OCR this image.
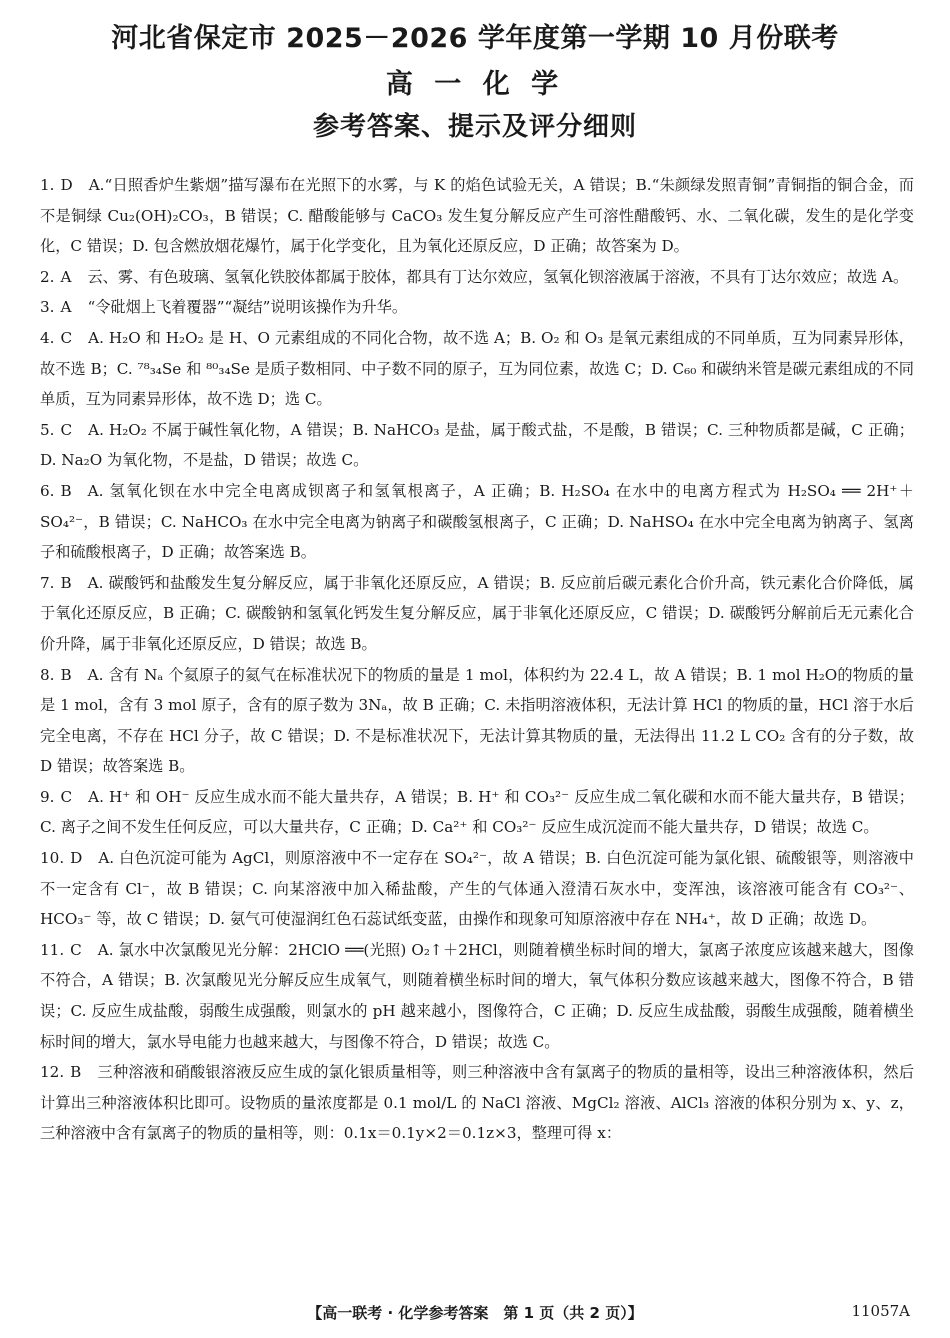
河北省保定市 2025－2026 学年度第一学期 10 月份联考
高 一 化 学
参考答案、提示及评分细则

1. D A.“日照香炉生紫烟”描写瀑布在光照下的水雾，与 K 的焰色试验无关，A 错误；B.“朱颜绿发照青铜”青铜指的铜合金，而不是铜绿 Cu₂(OH)₂CO₃，B 错误；C. 醋酸能够与 CaCO₃ 发生复分解反应产生可溶性醋酸钙、水、二氧化碳，发生的是化学变化，C 错误；D. 包含燃放烟花爆竹，属于化学变化，且为氧化还原反应，D 正确；故答案为 D。

2. A 云、雾、有色玻璃、氢氧化铁胶体都属于胶体，都具有丁达尔效应，氢氧化钡溶液属于溶液，不具有丁达尔效应；故选 A。

3. A “令砒烟上飞着覆器”“凝结”说明该操作为升华。

4. C A. H₂O 和 H₂O₂ 是 H、O 元素组成的不同化合物，故不选 A；B. O₂ 和 O₃ 是氧元素组成的不同单质，互为同素异形体，故不选 B；C. ⁷⁸₃₄Se 和 ⁸⁰₃₄Se 是质子数相同、中子数不同的原子，互为同位素，故选 C；D. C₆₀ 和碳纳米管是碳元素组成的不同单质，互为同素异形体，故不选 D；选 C。

5. C A. H₂O₂ 不属于碱性氧化物，A 错误；B. NaHCO₃ 是盐，属于酸式盐，不是酸，B 错误；C. 三种物质都是碱，C 正确；D. Na₂O 为氧化物，不是盐，D 错误；故选 C。

6. B A. 氢氧化钡在水中完全电离成钡离子和氢氧根离子，A 正确；B. H₂SO₄ 在水中的电离方程式为 H₂SO₄ ══ 2H⁺＋SO₄²⁻，B 错误；C. NaHCO₃ 在水中完全电离为钠离子和碳酸氢根离子，C 正确；D. NaHSO₄ 在水中完全电离为钠离子、氢离子和硫酸根离子，D 正确；故答案选 B。

7. B A. 碳酸钙和盐酸发生复分解反应，属于非氧化还原反应，A 错误；B. 反应前后碳元素化合价升高，铁元素化合价降低，属于氧化还原反应，B 正确；C. 碳酸钠和氢氧化钙发生复分解反应，属于非氧化还原反应，C 错误；D. 碳酸钙分解前后无元素化合价升降，属于非氧化还原反应，D 错误；故选 B。

8. B A. 含有 Nₐ 个氦原子的氦气在标准状况下的物质的量是 1 mol，体积约为 22.4 L，故 A 错误；B. 1 mol H₂O的物质的量是 1 mol，含有 3 mol 原子，含有的原子数为 3Nₐ，故 B 正确；C. 未指明溶液体积，无法计算 HCl 的物质的量，HCl 溶于水后完全电离，不存在 HCl 分子，故 C 错误；D. 不是标准状况下，无法计算其物质的量，无法得出 11.2 L CO₂ 含有的分子数，故 D 错误；故答案选 B。

9. C A. H⁺ 和 OH⁻ 反应生成水而不能大量共存，A 错误；B. H⁺ 和 CO₃²⁻ 反应生成二氧化碳和水而不能大量共存，B 错误；C. 离子之间不发生任何反应，可以大量共存，C 正确；D. Ca²⁺ 和 CO₃²⁻ 反应生成沉淀而不能大量共存，D 错误；故选 C。

10. D A. 白色沉淀可能为 AgCl，则原溶液中不一定存在 SO₄²⁻，故 A 错误；B. 白色沉淀可能为氯化银、硫酸银等，则溶液中不一定含有 Cl⁻，故 B 错误；C. 向某溶液中加入稀盐酸，产生的气体通入澄清石灰水中，变浑浊，该溶液可能含有 CO₃²⁻、HCO₃⁻ 等，故 C 错误；D. 氨气可使湿润红色石蕊试纸变蓝，由操作和现象可知原溶液中存在 NH₄⁺，故 D 正确；故选 D。

11. C A. 氯水中次氯酸见光分解：2HClO ══(光照) O₂↑＋2HCl，则随着横坐标时间的增大，氯离子浓度应该越来越大，图像不符合，A 错误；B. 次氯酸见光分解反应生成氧气，则随着横坐标时间的增大，氧气体积分数应该越来越大，图像不符合，B 错误；C. 反应生成盐酸，弱酸生成强酸，则氯水的 pH 越来越小，图像符合，C 正确；D. 反应生成盐酸，弱酸生成强酸，随着横坐标时间的增大，氯水导电能力也越来越大，与图像不符合，D 错误；故选 C。

12. B 三种溶液和硝酸银溶液反应生成的氯化银质量相等，则三种溶液中含有氯离子的物质的量相等，设出三种溶液体积，然后计算出三种溶液体积比即可。设物质的量浓度都是 0.1 mol/L 的 NaCl 溶液、MgCl₂ 溶液、AlCl₃ 溶液的体积分别为 x、y、z，三种溶液中含有氯离子的物质的量相等，则：0.1x＝0.1y×2＝0.1z×3，整理可得 x：

【高一联考 · 化学参考答案　第 1 页（共 2 页）】	11057A
